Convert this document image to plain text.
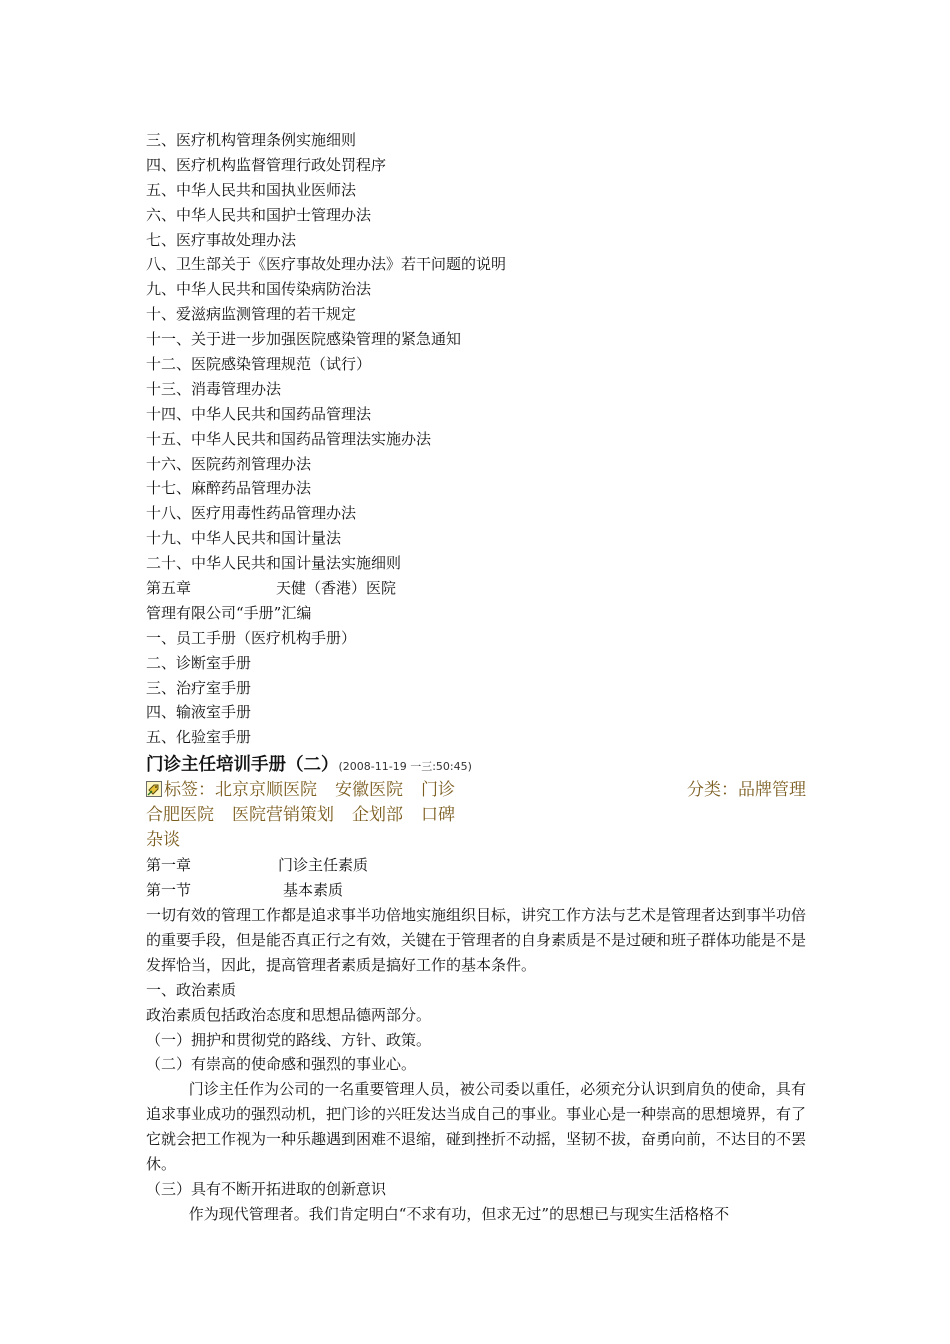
三、医疗机构管理条例实施细则
四、医疗机构监督管理行政处罚程序
五、中华人民共和国执业医师法
六、中华人民共和国护士管理办法
七、医疗事故处理办法
八、卫生部关于《医疗事故处理办法》若干问题的说明
九、中华人民共和国传染病防治法
十、爱滋病监测管理的若干规定
十一、关于进一步加强医院感染管理的紧急通知
十二、医院感染管理规范（试行）
十三、消毒管理办法
十四、中华人民共和国药品管理法
十五、中华人民共和国药品管理法实施办法
十六、医院药剂管理办法
十七、麻醉药品管理办法
十八、医疗用毒性药品管理办法
十九、中华人民共和国计量法
二十、中华人民共和国计量法实施细则
第五章	天健（香港）医院
管理有限公司“手册”汇编
一、员工手册（医疗机构手册）
二、诊断室手册
三、治疗室手册
四、输液室手册
五、化验室手册
门诊主任培训手册（二）(2008-11-19 一三:50:45)
标签：北京京顺医院 安徽医院 门诊
合肥医院 医院营销策划 企划部 口碑
杂谈
分类：品牌管理
第一章	门诊主任素质
第一节	基本素质
一切有效的管理工作都是追求事半功倍地实施组织目标，讲究工作方法与艺术是管理者达到事半功倍的重要手段，但是能否真正行之有效，关键在于管理者的自身素质是不是过硬和班子群体功能是不是发挥恰当，因此，提高管理者素质是搞好工作的基本条件。
一、政治素质
政治素质包括政治态度和思想品德两部分。
（一）拥护和贯彻党的路线、方针、政策。
（二）有崇高的使命感和强烈的事业心。
门诊主任作为公司的一名重要管理人员，被公司委以重任，必须充分认识到肩负的使命，具有追求事业成功的强烈动机，把门诊的兴旺发达当成自己的事业。事业心是一种崇高的思想境界，有了它就会把工作视为一种乐趣遇到困难不退缩，碰到挫折不动摇，坚韧不拔，奋勇向前，不达目的不罢休。
（三）具有不断开拓进取的创新意识
作为现代管理者。我们肯定明白“不求有功，但求无过”的思想已与现实生活格格不
